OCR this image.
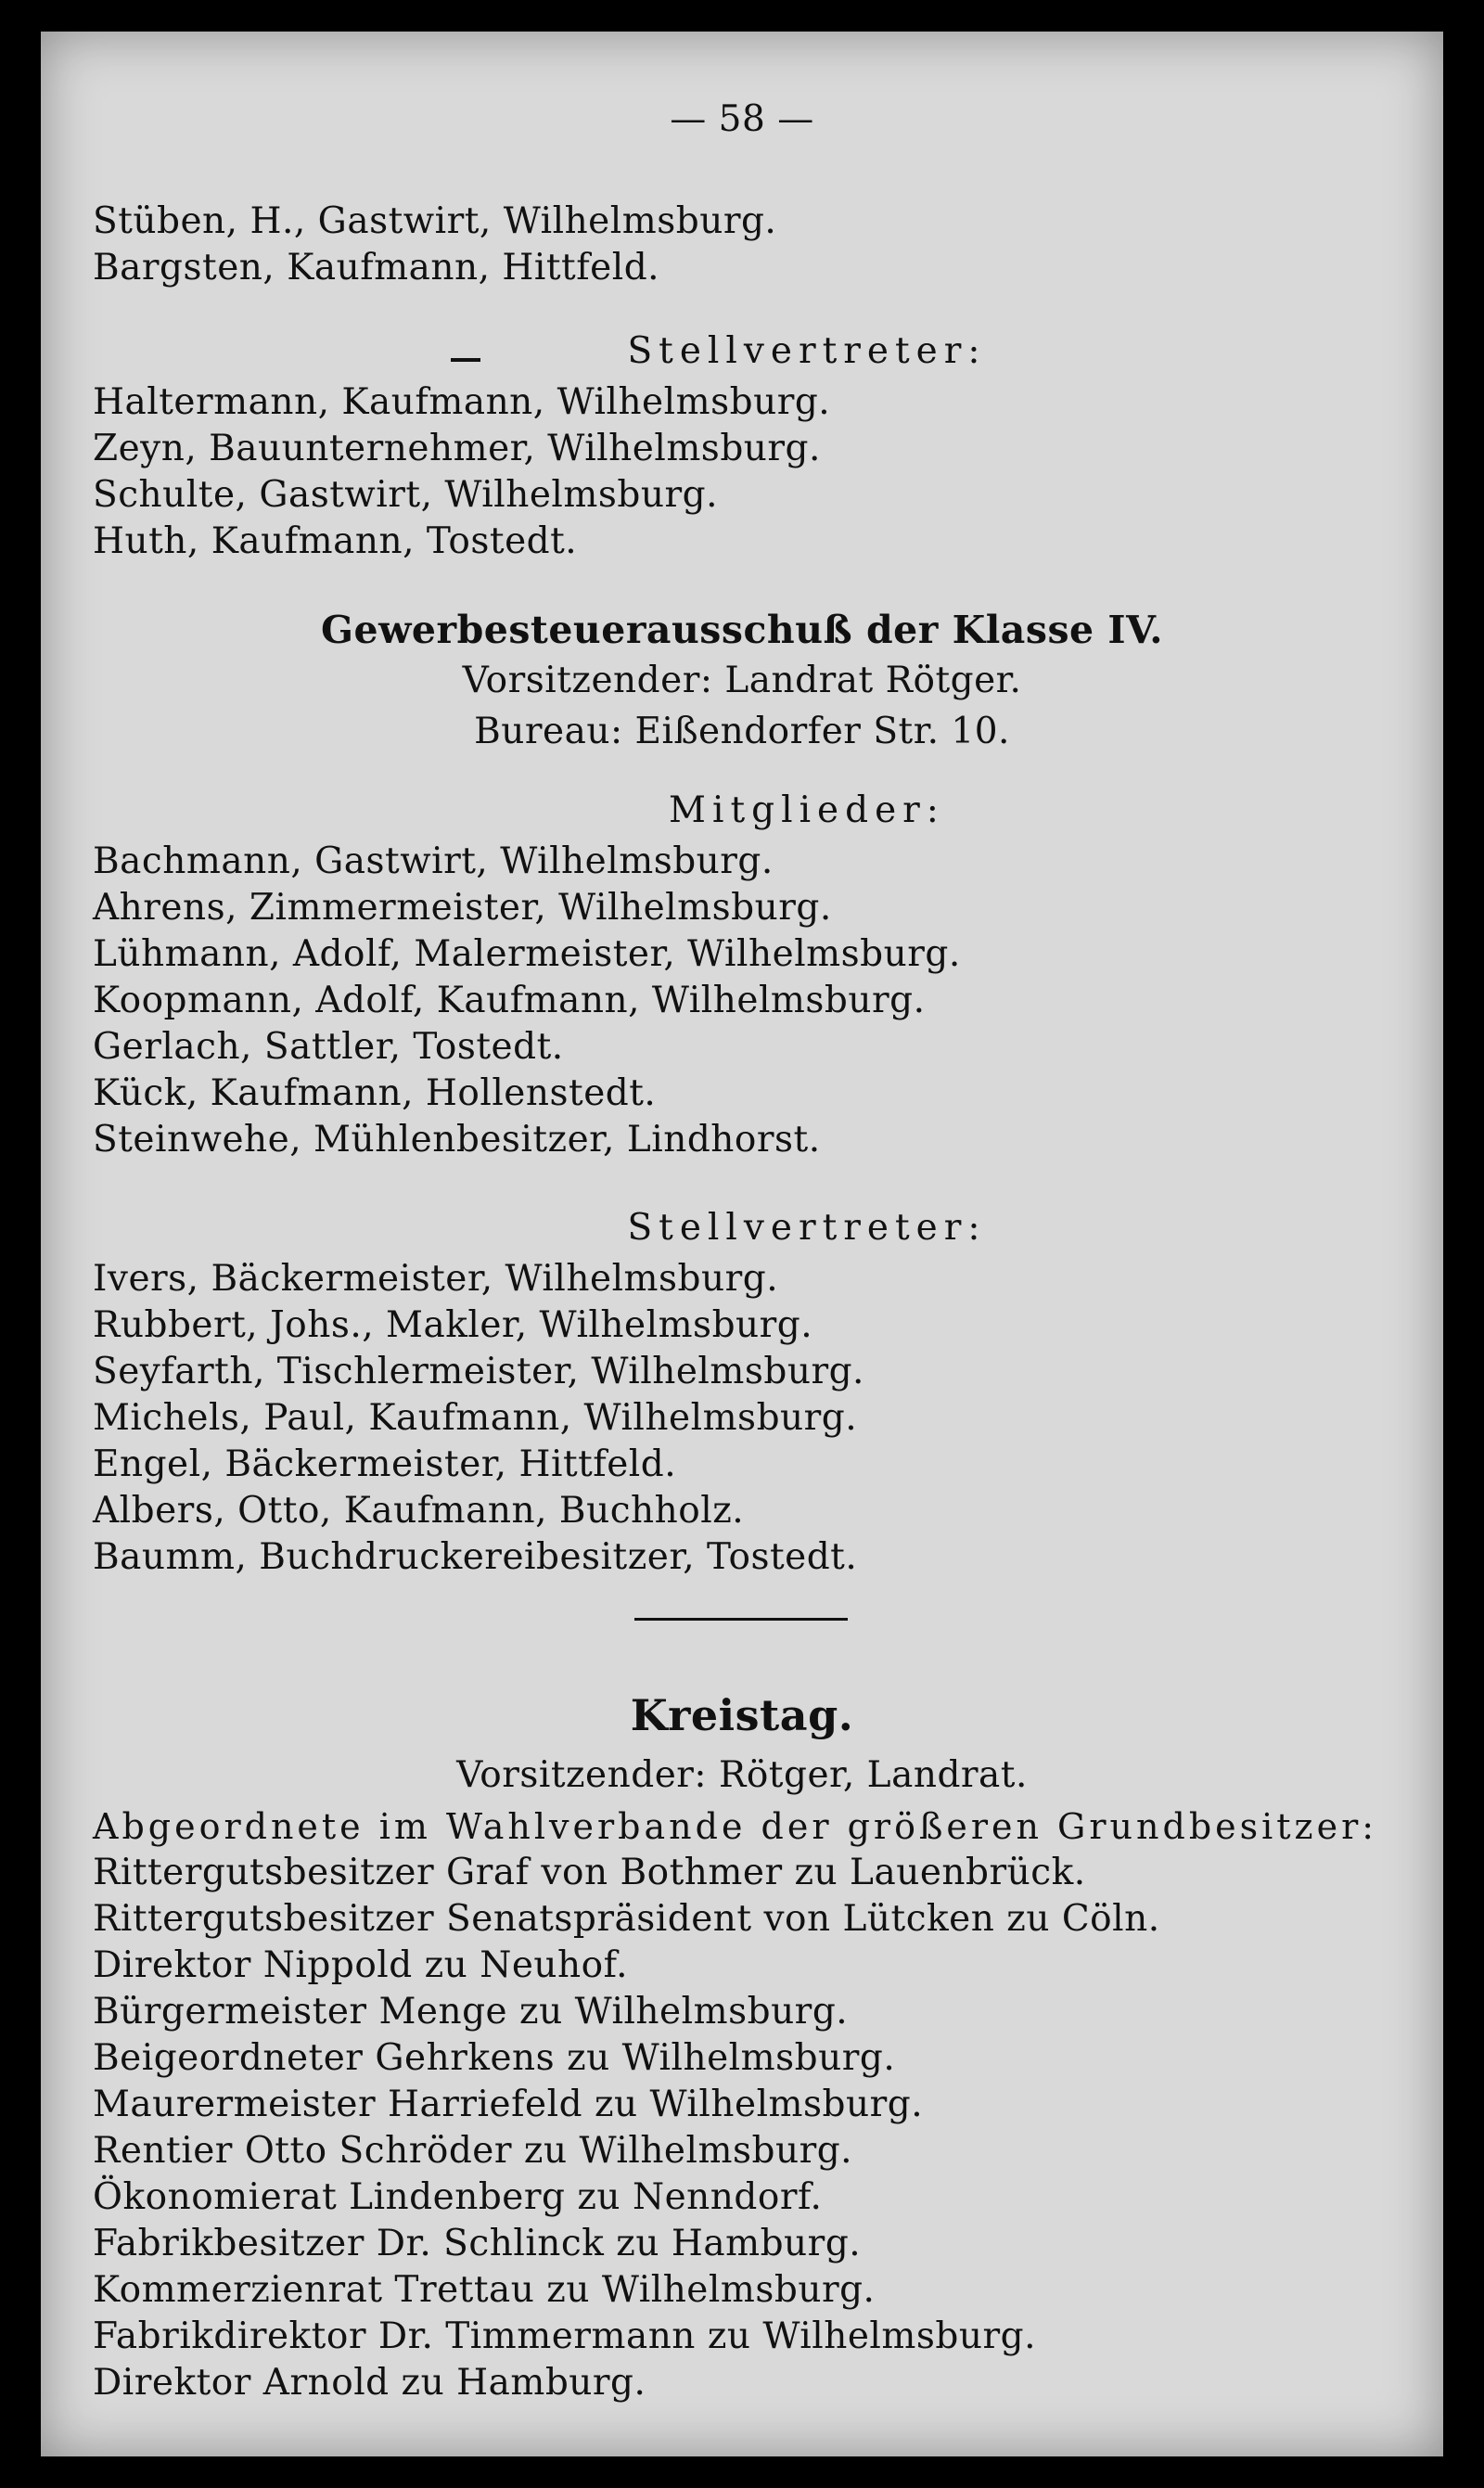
— 58 —
Stüben, H., Gastwirt, Wilhelmsburg.
Bargsten, Kaufmann, Hittfeld.
Stellvertreter:
Haltermann, Kaufmann, Wilhelmsburg.
Zeyn, Bauunternehmer, Wilhelmsburg.
Schulte, Gastwirt, Wilhelmsburg.
Huth, Kaufmann, Tostedt.
Gewerbesteuerausschuß der Klasse IV.
Vorsitzender: Landrat Rötger.
Bureau: Eißendorfer Str. 10.
Mitglieder:
Bachmann, Gastwirt, Wilhelmsburg.
Ahrens, Zimmermeister, Wilhelmsburg.
Lühmann, Adolf, Malermeister, Wilhelmsburg.
Koopmann, Adolf, Kaufmann, Wilhelmsburg.
Gerlach, Sattler, Tostedt.
Kück, Kaufmann, Hollenstedt.
Steinwehe, Mühlenbesitzer, Lindhorst.
Stellvertreter:
Ivers, Bäckermeister, Wilhelmsburg.
Rubbert, Johs., Makler, Wilhelmsburg.
Seyfarth, Tischlermeister, Wilhelmsburg.
Michels, Paul, Kaufmann, Wilhelmsburg.
Engel, Bäckermeister, Hittfeld.
Albers, Otto, Kaufmann, Buchholz.
Baumm, Buchdruckereibesitzer, Tostedt.
Kreistag.
Vorsitzender: Rötger, Landrat.
Abgeordnete im Wahlverbande der größeren Grundbesitzer:
Rittergutsbesitzer Graf von Bothmer zu Lauenbrück.
Rittergutsbesitzer Senatspräsident von Lütcken zu Cöln.
Direktor Nippold zu Neuhof.
Bürgermeister Menge zu Wilhelmsburg.
Beigeordneter Gehrkens zu Wilhelmsburg.
Maurermeister Harriefeld zu Wilhelmsburg.
Rentier Otto Schröder zu Wilhelmsburg.
Ökonomierat Lindenberg zu Nenndorf.
Fabrikbesitzer Dr. Schlinck zu Hamburg.
Kommerzienrat Trettau zu Wilhelmsburg.
Fabrikdirektor Dr. Timmermann zu Wilhelmsburg.
Direktor Arnold zu Hamburg.
